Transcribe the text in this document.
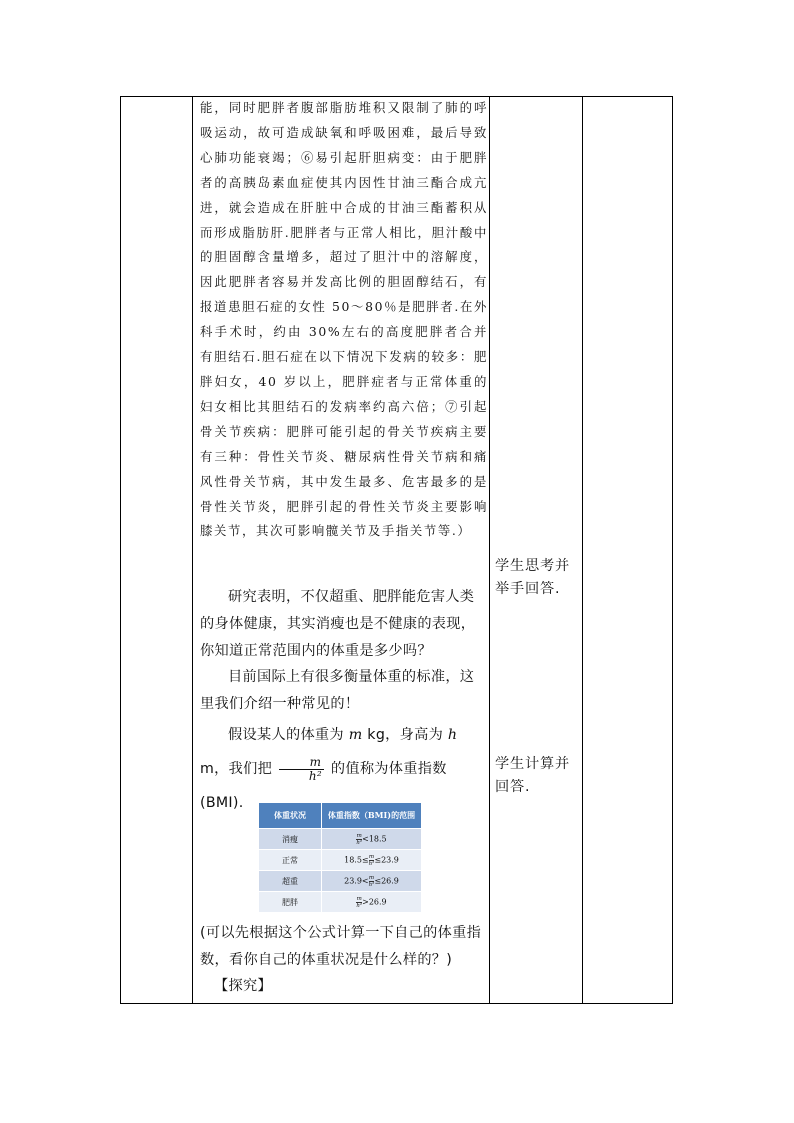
能，同时肥胖者腹部脂肪堆积又限制了肺的呼吸运动，故可造成缺氧和呼吸困难，最后导致心肺功能衰竭；⑥易引起肝胆病变：由于肥胖者的高胰岛素血症使其内因性甘油三酯合成亢进，就会造成在肝脏中合成的甘油三酯蓄积从而形成脂肪肝.肥胖者与正常人相比，胆汁酸中的胆固醇含量增多，超过了胆汁中的溶解度，因此肥胖者容易并发高比例的胆固醇结石，有报道患胆石症的女性 50～80％是肥胖者.在外科手术时，约由 30%左右的高度肥胖者合并有胆结石.胆石症在以下情况下发病的较多：肥胖妇女，40 岁以上，肥胖症者与正常体重的妇女相比其胆结石的发病率约高六倍；⑦引起骨关节疾病：肥胖可能引起的骨关节疾病主要有三种：骨性关节炎、糖尿病性骨关节病和痛风性骨关节病，其中发生最多、危害最多的是骨性关节炎，肥胖引起的骨性关节炎主要影响膝关节，其次可影响髋关节及手指关节等.）

研究表明，不仅超重、肥胖能危害人类的身体健康，其实消瘦也是不健康的表现，你知道正常范围内的体重是多少吗？

目前国际上有很多衡量体重的标准，这里我们介绍一种常见的！

假设某人的体重为 m kg，身高为 h m，我们把 $\frac{m}{\text{h²}}$ 的值称为体重指数(BMI).

体重状况	体重指数（BMI)的范围
消瘦	$\frac{m}{\text{h²}} <18.5$
正常	$18.5\le \frac{m}{\text{h²}} \le 23.9$
超重	$23.9< \frac{m}{\text{h²}} \le 26.9$
肥胖	$\frac{m}{\text{h²}} >26.9$

(可以先根据这个公式计算一下自己的体重指数，看你自己的体重状况是什么样的？)

【探究】

学生思考并举手回答.

学生计算并回答.
